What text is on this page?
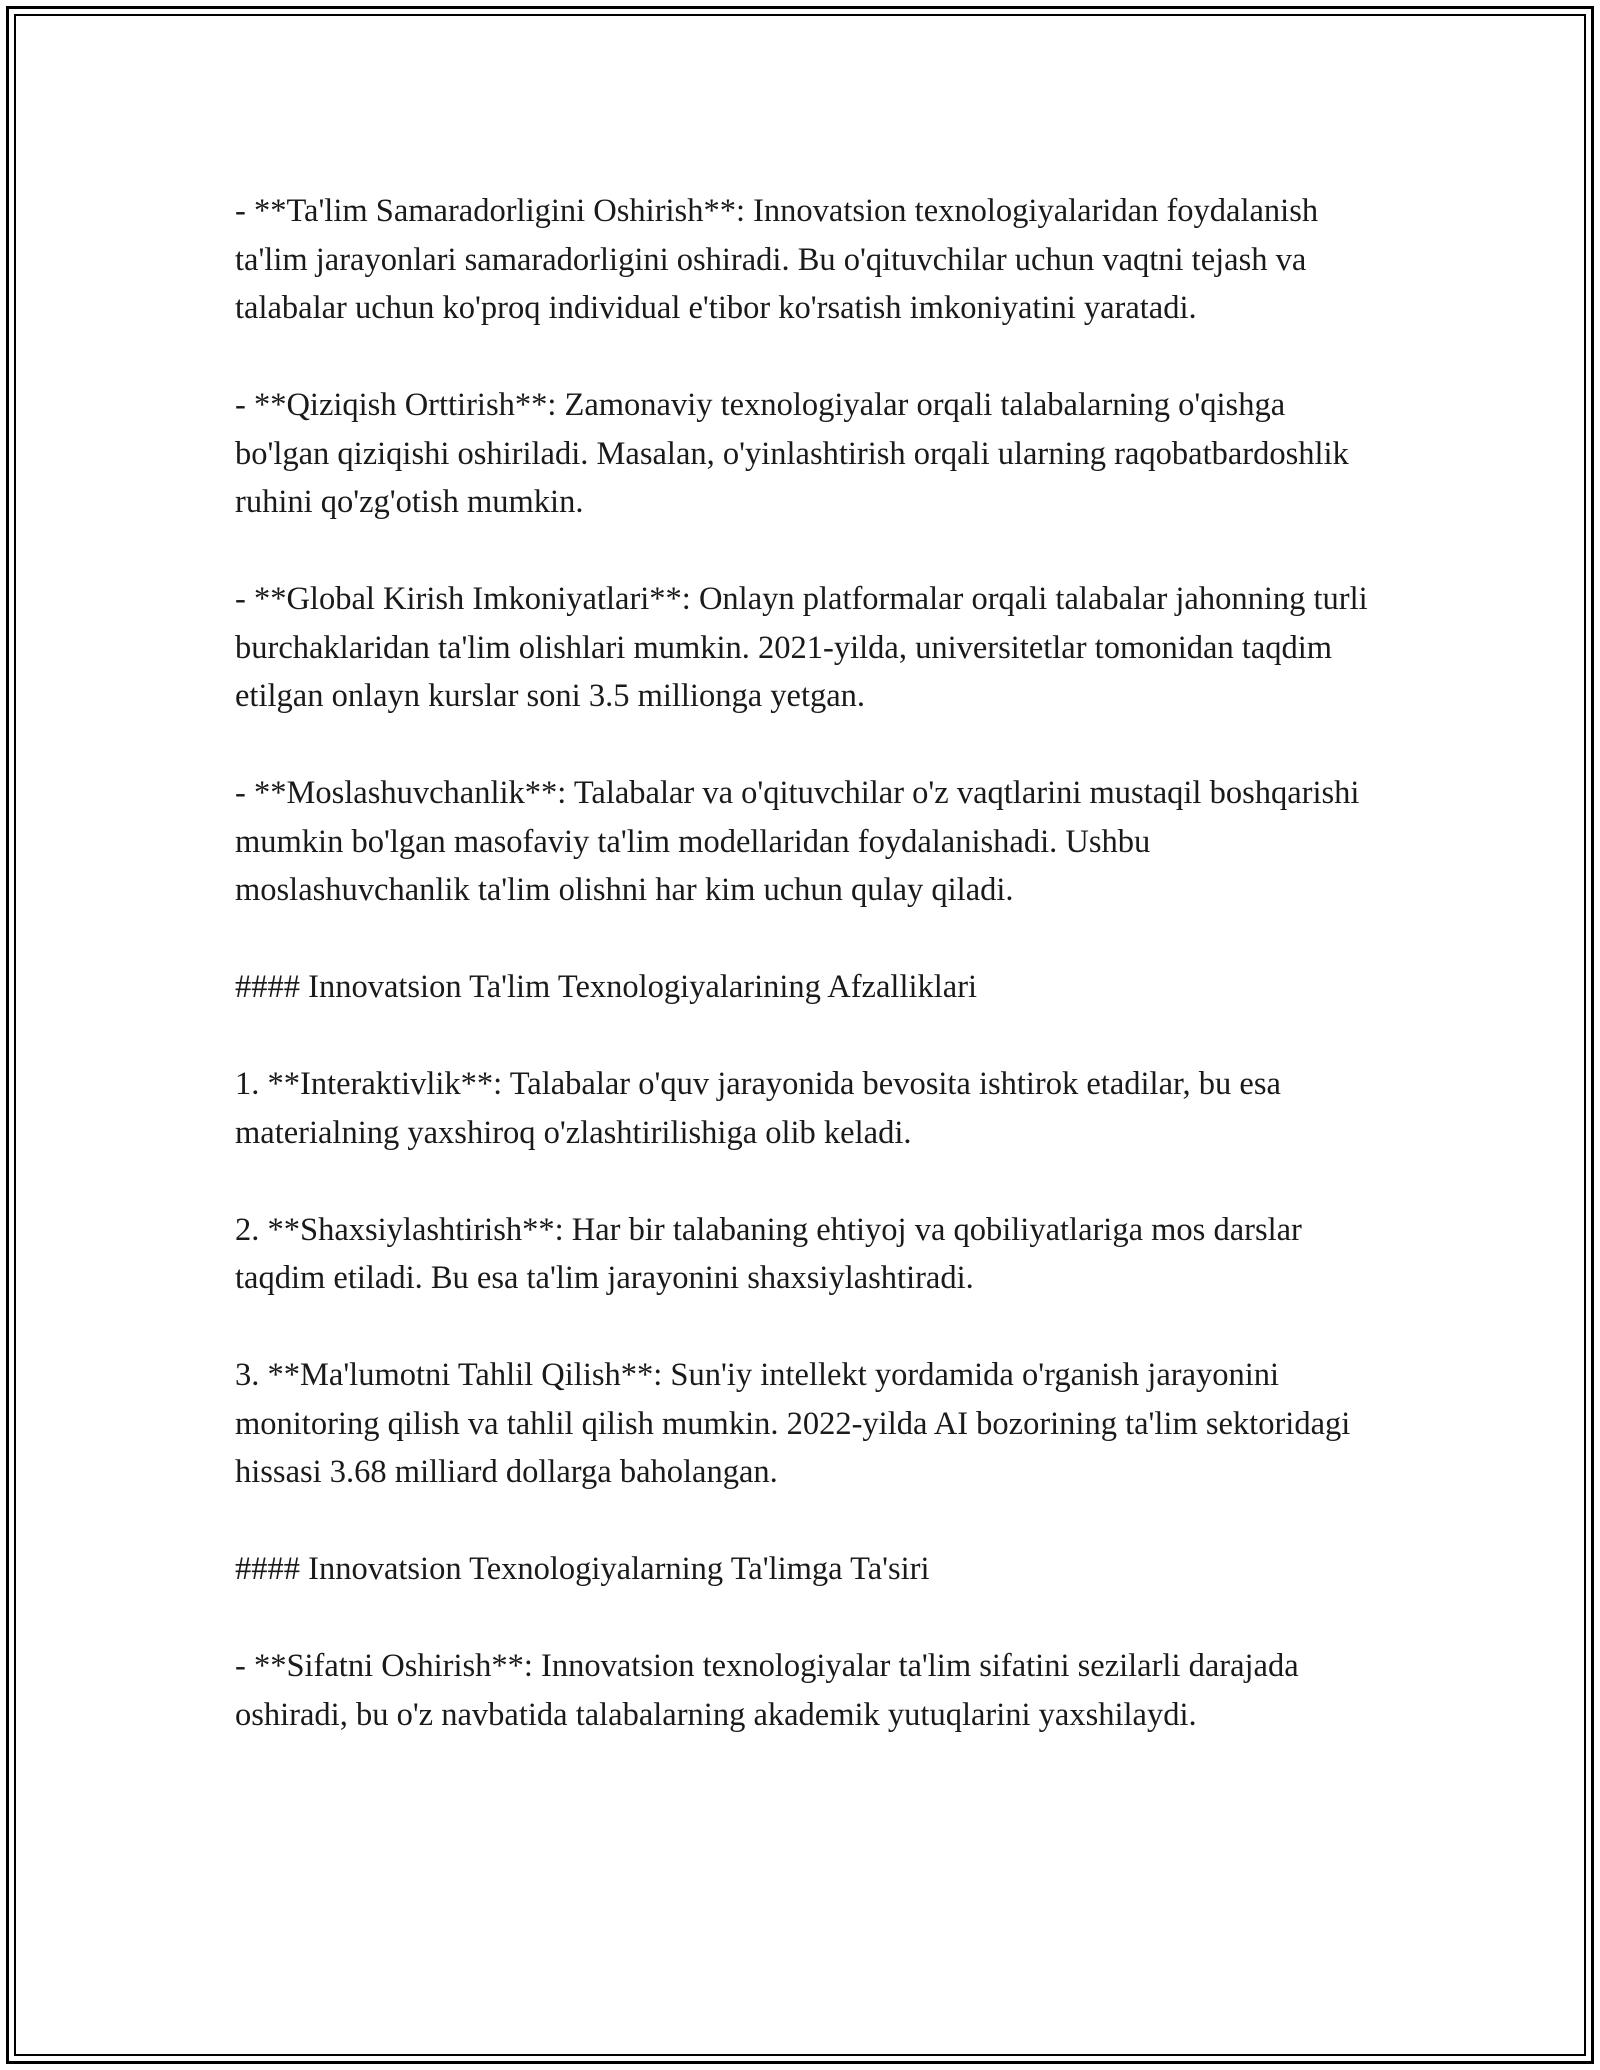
- **Ta'lim Samaradorligini Oshirish**: Innovatsion texnologiyalaridan foydalanish ta'lim jarayonlari samaradorligini oshiradi. Bu o'qituvchilar uchun vaqtni tejash va talabalar uchun ko'proq individual e'tibor ko'rsatish imkoniyatini yaratadi.

- **Qiziqish Orttirish**: Zamonaviy texnologiyalar orqali talabalarning o'qishga bo'lgan qiziqishi oshiriladi. Masalan, o'yinlashtirish orqali ularning raqobatbardoshlik ruhini qo'zg'otish mumkin.

- **Global Kirish Imkoniyatlari**: Onlayn platformalar orqali talabalar jahonning turli burchaklaridan ta'lim olishlari mumkin. 2021-yilda, universitetlar tomonidan taqdim etilgan onlayn kurslar soni 3.5 millionga yetgan.

- **Moslashuvchanlik**: Talabalar va o'qituvchilar o'z vaqtlarini mustaqil boshqarishi mumkin bo'lgan masofaviy ta'lim modellaridan foydalanishadi. Ushbu moslashuvchanlik ta'lim olishni har kim uchun qulay qiladi.

#### Innovatsion Ta'lim Texnologiyalarining Afzalliklari

1. **Interaktivlik**: Talabalar o'quv jarayonida bevosita ishtirok etadilar, bu esa materialning yaxshiroq o'zlashtirilishiga olib keladi.

2. **Shaxsiylashtirish**: Har bir talabaning ehtiyoj va qobiliyatlariga mos darslar taqdim etiladi. Bu esa ta'lim jarayonini shaxsiylashtiradi.

3. **Ma'lumotni Tahlil Qilish**: Sun'iy intellekt yordamida o'rganish jarayonini monitoring qilish va tahlil qilish mumkin. 2022-yilda AI bozorining ta'lim sektoridagi hissasi 3.68 milliard dollarga baholangan.

#### Innovatsion Texnologiyalarning Ta'limga Ta'siri

- **Sifatni Oshirish**: Innovatsion texnologiyalar ta'lim sifatini sezilarli darajada oshiradi, bu o'z navbatida talabalarning akademik yutuqlarini yaxshilaydi.
